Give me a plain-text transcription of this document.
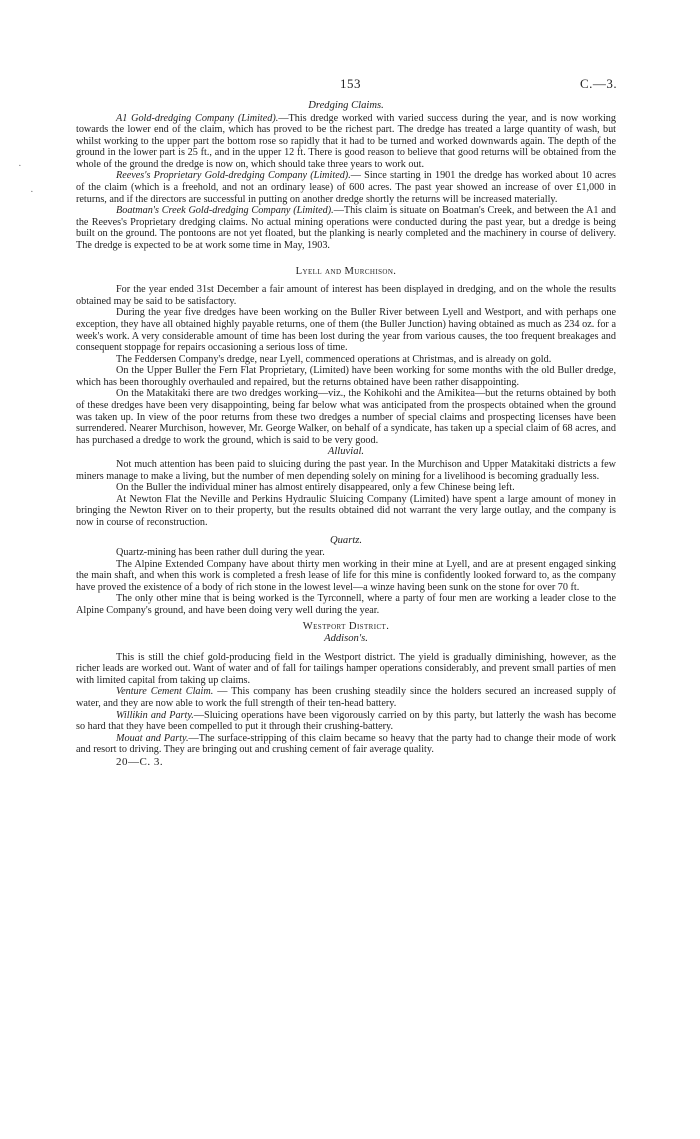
153	C.—3.
·
·
Dredging Claims.

A1 Gold-dredging Company (Limited).—This dredge worked with varied success during the year, and is now working towards the lower end of the claim, which has proved to be the richest part. The dredge has treated a large quantity of wash, but whilst working to the upper part the bottom rose so rapidly that it had to be turned and worked downwards again. The depth of the ground in the lower part is 25 ft., and in the upper 12 ft. There is good reason to believe that good returns will be obtained from the whole of the ground the dredge is now on, which should take three years to work out.

Reeves's Proprietary Gold-dredging Company (Limited).— Since starting in 1901 the dredge has worked about 10 acres of the claim (which is a freehold, and not an ordinary lease) of 600 acres. The past year showed an increase of over £1,000 in returns, and if the directors are successful in putting on another dredge shortly the returns will be increased materially.

Boatman's Creek Gold-dredging Company (Limited).—This claim is situate on Boatman's Creek, and between the A1 and the Reeves's Proprietary dredging claims. No actual mining operations were conducted during the past year, but a dredge is being built on the ground. The pontoons are not yet floated, but the planking is nearly completed and the machinery in course of delivery. The dredge is expected to be at work some time in May, 1903.

Lyell and Murchison.

For the year ended 31st December a fair amount of interest has been displayed in dredging, and on the whole the results obtained may be said to be satisfactory.

During the year five dredges have been working on the Buller River between Lyell and Westport, and with perhaps one exception, they have all obtained highly payable returns, one of them (the Buller Junction) having obtained as much as 234 oz. for a week's work. A very considerable amount of time has been lost during the year from various causes, the too frequent breakages and consequent stoppage for repairs occasioning a serious loss of time.

The Feddersen Company's dredge, near Lyell, commenced operations at Christmas, and is already on gold.

On the Upper Buller the Fern Flat Proprietary, (Limited) have been working for some months with the old Buller dredge, which has been thoroughly overhauled and repaired, but the returns obtained have been rather disappointing.

On the Matakitaki there are two dredges working—viz., the Kohikohi and the Amikitea—but the returns obtained by both of these dredges have been very disappointing, being far below what was anticipated from the prospects obtained when the ground was taken up. In view of the poor returns from these two dredges a number of special claims and prospecting licenses have been surrendered. Nearer Murchison, however, Mr. George Walker, on behalf of a syndicate, has taken up a special claim of 68 acres, and has purchased a dredge to work the ground, which is said to be very good.

Alluvial.

Not much attention has been paid to sluicing during the past year. In the Murchison and Upper Matakitaki districts a few miners manage to make a living, but the number of men depending solely on mining for a livelihood is becoming gradually less.

On the Buller the individual miner has almost entirely disappeared, only a few Chinese being left.

At Newton Flat the Neville and Perkins Hydraulic Sluicing Company (Limited) have spent a large amount of money in bringing the Newton River on to their property, but the results obtained did not warrant the very large outlay, and the company is now in course of reconstruction.

Quartz.

Quartz-mining has been rather dull during the year.

The Alpine Extended Company have about thirty men working in their mine at Lyell, and are at present engaged sinking the main shaft, and when this work is completed a fresh lease of life for this mine is confidently looked forward to, as the company have proved the existence of a body of rich stone in the lowest level—a winze having been sunk on the stone for over 70 ft.

The only other mine that is being worked is the Tyrconnell, where a party of four men are working a leader close to the Alpine Company's ground, and have been doing very well during the year.

Westport District.
Addison's.

This is still the chief gold-producing field in the Westport district. The yield is gradually diminishing, however, as the richer leads are worked out. Want of water and of fall for tailings hamper operations considerably, and prevent small parties of men with limited capital from taking up claims.

Venture Cement Claim. — This company has been crushing steadily since the holders secured an increased supply of water, and they are now able to work the full strength of their ten-head battery.

Willikin and Party.—Sluicing operations have been vigorously carried on by this party, but latterly the wash has become so hard that they have been compelled to put it through their crushing-battery.

Mouat and Party.—The surface-stripping of this claim became so heavy that the party had to change their mode of work and resort to driving. They are bringing out and crushing cement of fair average quality.

20—C. 3.
